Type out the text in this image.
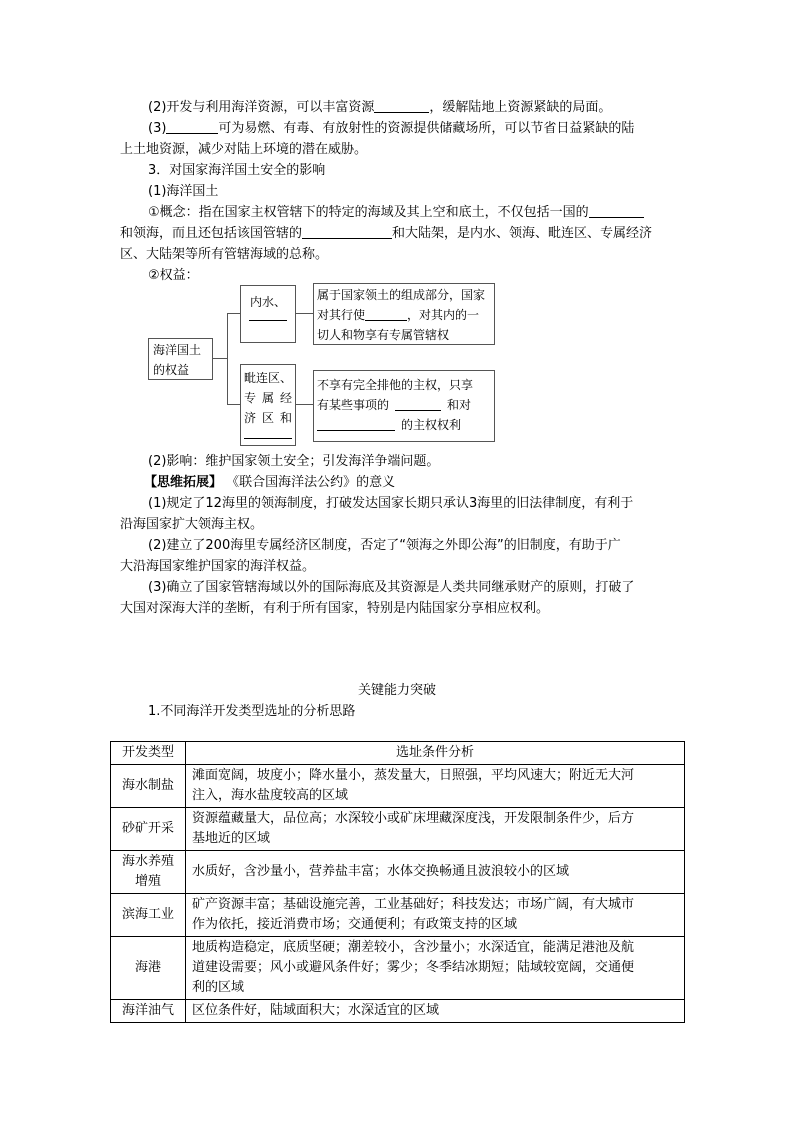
(2)开发与利用海洋资源，可以丰富资源	，缓解陆地上资源紧缺的局面。
(3)	可为易燃、有毒、有放射性的资源提供储藏场所，可以节省日益紧缺的陆
上土地资源，减少对陆上环境的潜在威胁。
3．对国家海洋国土安全的影响
(1)海洋国土
①概念：指在国家主权管辖下的特定的海域及其上空和底土，不仅包括一国的
和领海，而且还包括该国管辖的	和大陆架，是内水、领海、毗连区、专属经济
区、大陆架等所有管辖海域的总称。
②权益：
海洋国土
的权益
内水、	属于国家领土的组成部分，国家
对其行使	，对其内的一
切人和物享有专属管辖权
毗连区、
专属经
济区和
不享有完全排他的主权，只享
有某些事项的	和对
的主权权利
(2)影响：维护国家领土安全；引发海洋争端问题。
【思维拓展】 《联合国海洋法公约》的意义
(1)规定了12海里的领海制度，打破发达国家长期只承认3海里的旧法律制度，有利于
沿海国家扩大领海主权。
(2)建立了200海里专属经济区制度，否定了“领海之外即公海”的旧制度，有助于广
大沿海国家维护国家的海洋权益。
(3)确立了国家管辖海域以外的国际海底及其资源是人类共同继承财产的原则，打破了
大国对深海大洋的垄断，有利于所有国家，特别是内陆国家分享相应权利。
关键能力突破
1.不同海洋开发类型选址的分析思路
开发类型	选址条件分析
海水制盐	滩面宽阔，坡度小；降水量小，蒸发量大，日照强，平均风速大；附近无大河
注入，海水盐度较高的区域

砂矿开采	资源蕴藏量大，品位高；水深较小或矿床埋藏深度浅，开发限制条件少，后方
基地近的区域

海水养殖
增殖	水质好，含沙量小，营养盐丰富；水体交换畅通且波浪较小的区域
滨海工业	矿产资源丰富；基础设施完善，工业基础好；科技发达；市场广阔，有大城市
作为依托，接近消费市场；交通便利；有政策支持的区域

海港	地质构造稳定，底质坚硬；潮差较小，含沙量小；水深适宜，能满足港池及航
道建设需要；风小或避风条件好；雾少；冬季结冰期短；陆域较宽阔，交通便
利的区域

海洋油气	区位条件好，陆域面积大；水深适宜的区域
